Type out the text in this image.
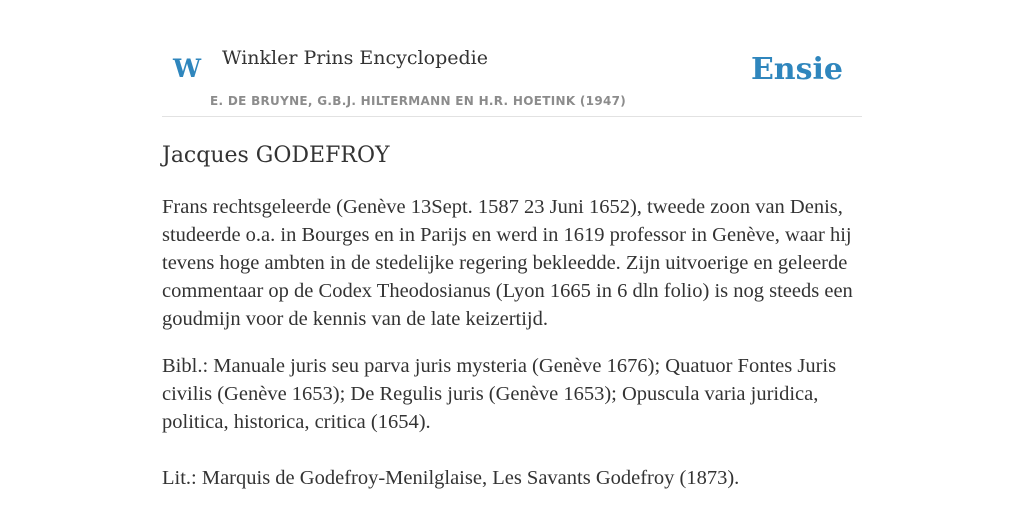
W Winkler Prins Encyclopedie
E. DE BRUYNE, G.B.J. HILTERMANN EN H.R. HOETINK (1947)
Ensie
Jacques GODEFROY

Frans rechtsgeleerde (Genève 13Sept. 1587 23 Juni 1652), tweede zoon van Denis, studeerde o.a. in Bourges en in Parijs en werd in 1619 professor in Genève, waar hij tevens hoge ambten in de stedelijke regering bekleedde. Zijn uitvoerige en geleerde commentaar op de Codex Theodosianus (Lyon 1665 in 6 dln folio) is nog steeds een goudmijn voor de kennis van de late keizertijd.

Bibl.: Manuale juris seu parva juris mysteria (Genève 1676); Quatuor Fontes Juris civilis (Genève 1653); De Regulis juris (Genève 1653); Opuscula varia juridica, politica, historica, critica (1654).

Lit.: Marquis de Godefroy-Menilglaise, Les Savants Godefroy (1873).
